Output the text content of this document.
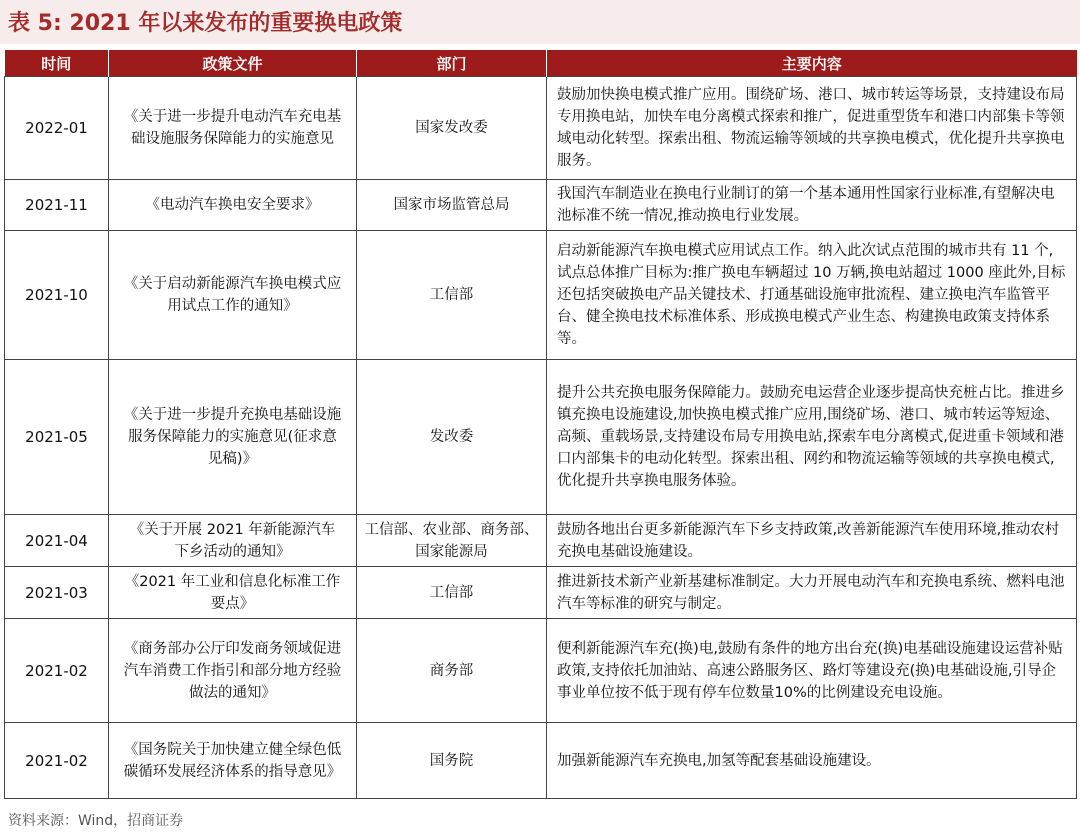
表 5: 2021 年以来发布的重要换电政策
时间	政策文件	部门	主要内容
2022-01	《关于进一步提升电动汽车充电基础设施服务保障能力的实施意见	国家发改委	鼓励加快换电模式推广应用。围绕矿场、港口、城市转运等场景，支持建设布局专用换电站，加快车电分离模式探索和推广，促进重型货车和港口内部集卡等领域电动化转型。探索出租、物流运输等领域的共享换电模式，优化提升共享换电服务。
2021-11	《电动汽车换电安全要求》	国家市场监管总局	我国汽车制造业在换电行业制订的第一个基本通用性国家行业标准,有望解决电池标准不统一情况,推动换电行业发展。
2021-10	《关于启动新能源汽车换电模式应用试点工作的通知》	工信部	启动新能源汽车换电模式应用试点工作。纳入此次试点范围的城市共有 11 个,试点总体推广目标为:推广换电车辆超过 10 万辆,换电站超过 1000 座此外,目标还包括突破换电产品关键技术、打通基础设施审批流程、建立换电汽车监管平台、健全换电技术标准体系、形成换电模式产业生态、构建换电政策支持体系等。
2021-05	《关于进一步提升充换电基础设施服务保障能力的实施意见(征求意见稿)》	发改委	提升公共充换电服务保障能力。鼓励充电运营企业逐步提高快充桩占比。推进乡镇充换电设施建设,加快换电模式推广应用,围绕矿场、港口、城市转运等短途、高频、重载场景,支持建设布局专用换电站,探索车电分离模式,促进重卡领域和港口内部集卡的电动化转型。探索出租、网约和物流运输等领域的共享换电模式,优化提升共享换电服务体验。
2021-04	《关于开展 2021 年新能源汽车下乡活动的通知》	工信部、农业部、商务部、国家能源局	鼓励各地出台更多新能源汽车下乡支持政策,改善新能源汽车使用环境,推动农村充换电基础设施建设。
2021-03	《2021 年工业和信息化标准工作要点》	工信部	推进新技术新产业新基建标准制定。大力开展电动汽车和充换电系统、燃料电池汽车等标准的研究与制定。
2021-02	《商务部办公厅印发商务领域促进汽车消费工作指引和部分地方经验做法的通知》	商务部	便利新能源汽车充(换)电,鼓励有条件的地方出台充(换)电基础设施建设运营补贴政策,支持依托加油站、高速公路服务区、路灯等建设充(换)电基础设施,引导企事业单位按不低于现有停车位数量10%的比例建设充电设施。
2021-02	《国务院关于加快建立健全绿色低碳循环发展经济体系的指导意见》	国务院	加强新能源汽车充换电,加氢等配套基础设施建设。
资料来源：Wind，招商证券
